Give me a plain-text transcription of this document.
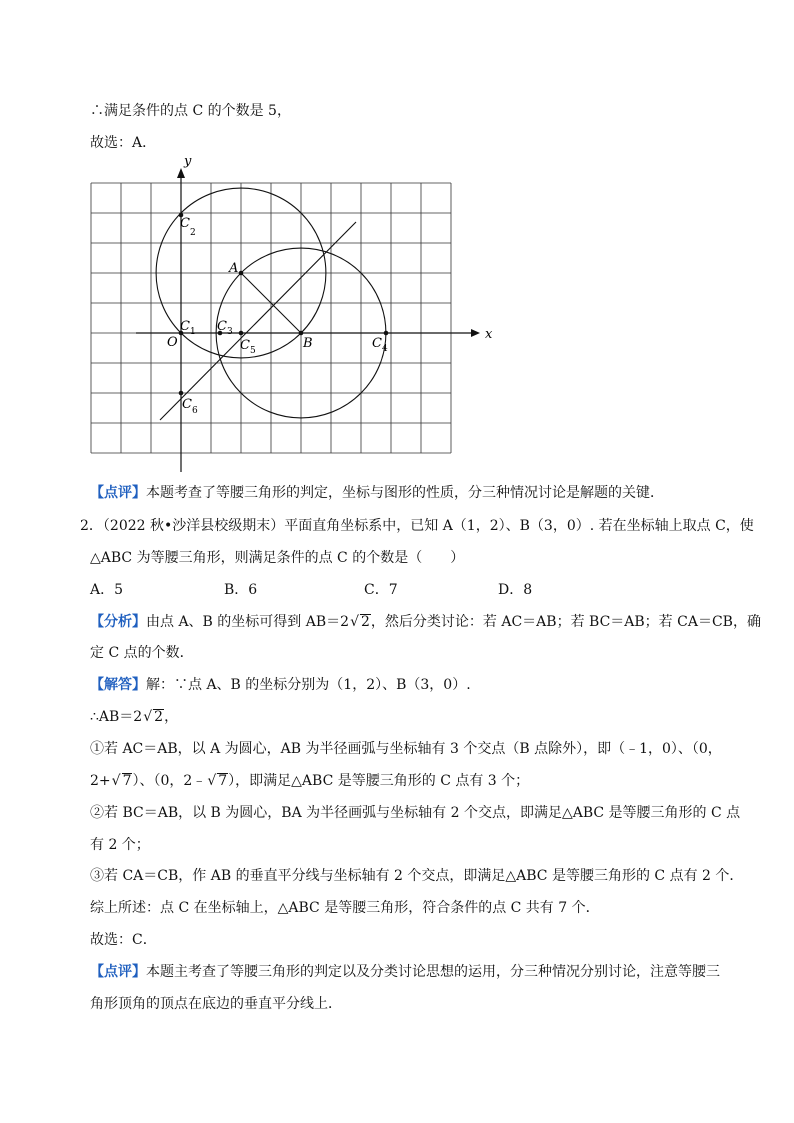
∴满足条件的点 C 的个数是 5，
故选：A．
x
y
O
A
B
$C_1$
$C_2$
$C_3$
$C_4$
$C_5$
$C_6$
【点评】本题考查了等腰三角形的判定，坐标与图形的性质，分三种情况讨论是解题的关键．
2．（2022 秋•沙洋县校级期末）平面直角坐标系中，已知 A（1，2）、B（3，0）. 若在坐标轴上取点 C，使
△ABC 为等腰三角形，则满足条件的点 C 的个数是（　　）
A．5	B．6	C．7	D．8
【分析】由点 A、B 的坐标可得到 AB＝2√ 2，然后分类讨论：若 AC＝AB；若 BC＝AB；若 CA＝CB，确
定 C 点的个数．
【解答】解：∵点 A、B 的坐标分别为（1，2）、B（3，0）.
∴AB＝2√ 2，
①若 AC＝AB，以 A 为圆心，AB 为半径画弧与坐标轴有 3 个交点（B 点除外），即（﹣1，0）、（0，
2+√ 7）、（0，2﹣√ 7），即满足△ABC 是等腰三角形的 C 点有 3 个；
②若 BC＝AB，以 B 为圆心，BA 为半径画弧与坐标轴有 2 个交点，即满足△ABC 是等腰三角形的 C 点
有 2 个；
③若 CA＝CB，作 AB 的垂直平分线与坐标轴有 2 个交点，即满足△ABC 是等腰三角形的 C 点有 2 个．
综上所述：点 C 在坐标轴上，△ABC 是等腰三角形，符合条件的点 C 共有 7 个．
故选：C．
【点评】本题主考查了等腰三角形的判定以及分类讨论思想的运用，分三种情况分别讨论，注意等腰三
角形顶角的顶点在底边的垂直平分线上．
